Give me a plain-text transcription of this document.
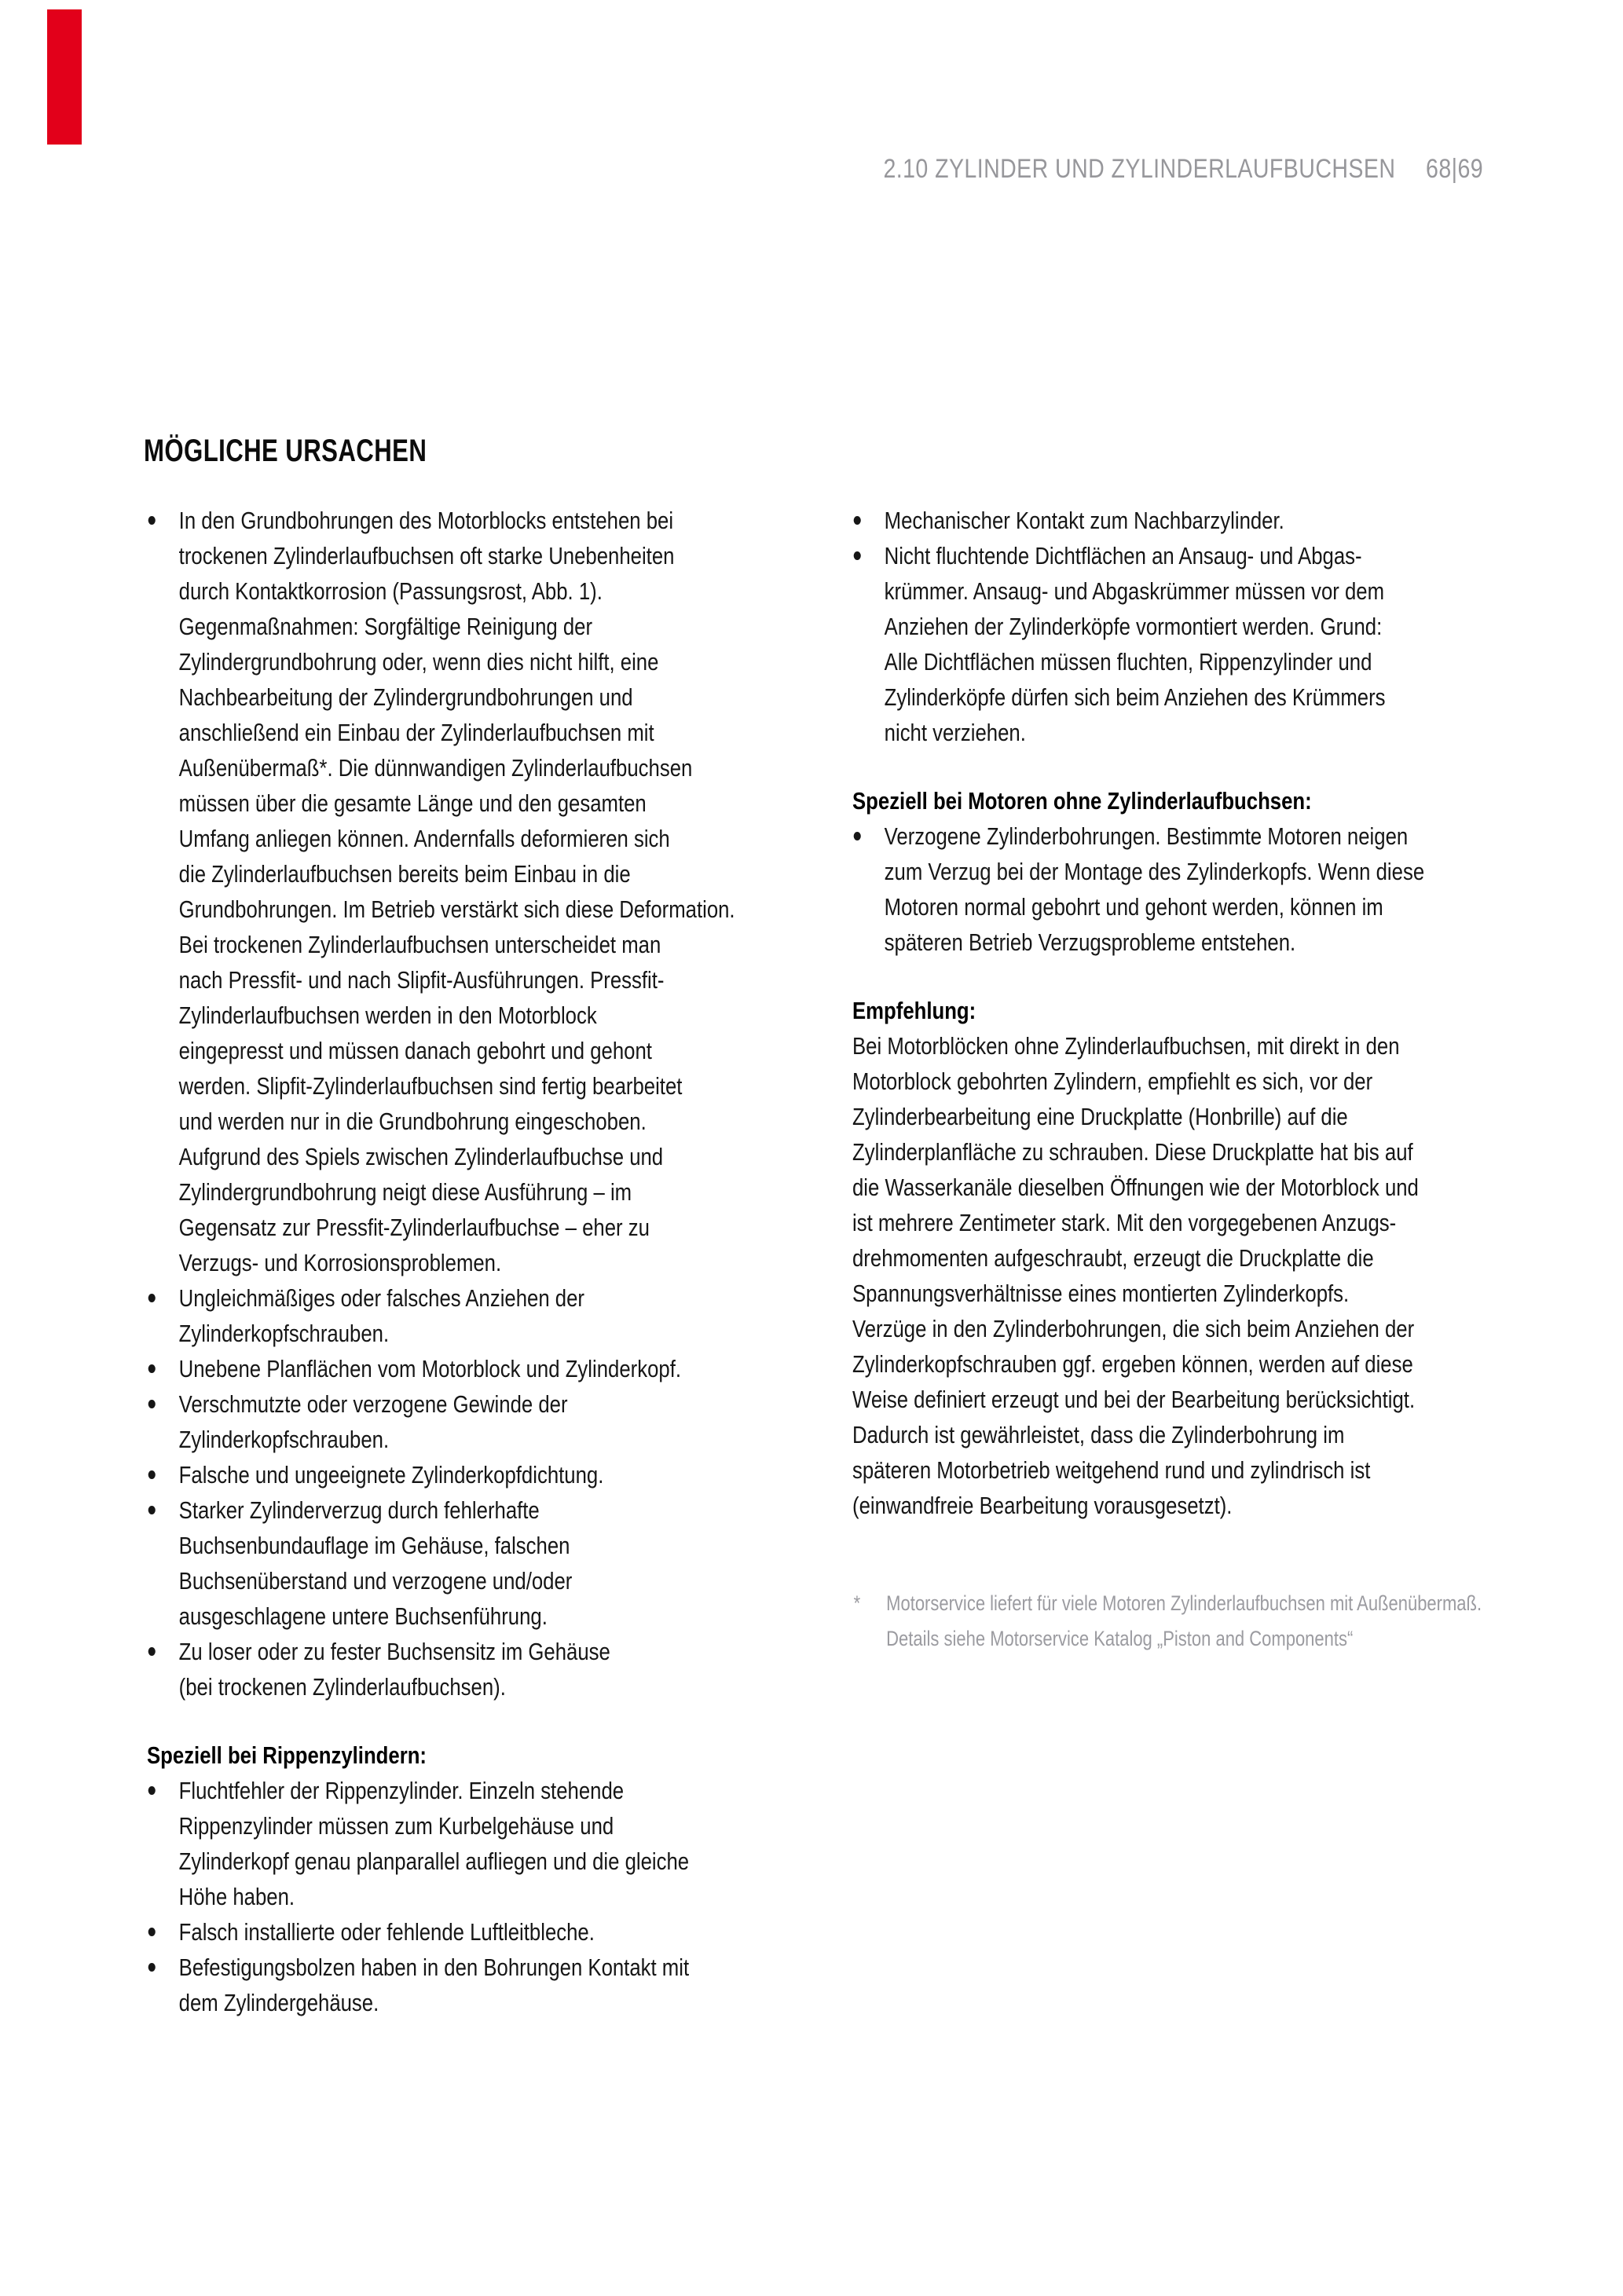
2.10 ZYLINDER UND ZYLINDERLAUFBUCHSEN 68|69
MÖGLICHE URSACHEN
In den Grundbohrungen des Motorblocks entstehen bei
trockenen Zylinderlaufbuchsen oft starke Unebenheiten
durch Kontaktkorrosion (Passungsrost, Abb. 1).
Gegenmaßnahmen: Sorgfältige Reinigung der
Zylindergrundbohrung oder, wenn dies nicht hilft, eine
Nachbearbeitung der Zylindergrundbohrungen und
anschließend ein Einbau der Zylinderlaufbuchsen mit
Außenübermaß*. Die dünnwandigen Zylinderlaufbuchsen
müssen über die gesamte Länge und den gesamten
Umfang anliegen können. Andernfalls deformieren sich
die Zylinderlaufbuchsen bereits beim Einbau in die
Grundbohrungen. Im Betrieb verstärkt sich diese Deformation.
Bei trockenen Zylinderlaufbuchsen unterscheidet man
nach Pressfit- und nach Slipfit-Ausführungen. Pressfit-
Zylinderlaufbuchsen werden in den Motorblock
eingepresst und müssen danach gebohrt und gehont
werden. Slipfit-Zylinderlaufbuchsen sind fertig bearbeitet
und werden nur in die Grundbohrung eingeschoben.
Aufgrund des Spiels zwischen Zylinderlaufbuchse und
Zylindergrundbohrung neigt diese Ausführung – im
Gegensatz zur Pressfit-Zylinderlaufbuchse – eher zu
Verzugs- und Korrosionsproblemen.
Ungleichmäßiges oder falsches Anziehen der
Zylinderkopfschrauben.
Unebene Planflächen vom Motorblock und Zylinderkopf.
Verschmutzte oder verzogene Gewinde der
Zylinderkopfschrauben.
Falsche und ungeeignete Zylinderkopfdichtung.
Starker Zylinderverzug durch fehlerhafte
Buchsenbundauflage im Gehäuse, falschen
Buchsenüberstand und verzogene und/oder
ausgeschlagene untere Buchsenführung.
Zu loser oder zu fester Buchsensitz im Gehäuse
(bei trockenen Zylinderlaufbuchsen).
Speziell bei Rippenzylindern:
Fluchtfehler der Rippenzylinder. Einzeln stehende
Rippenzylinder müssen zum Kurbelgehäuse und
Zylinderkopf genau planparallel aufliegen und die gleiche
Höhe haben.
Falsch installierte oder fehlende Luftleitbleche.
Befestigungsbolzen haben in den Bohrungen Kontakt mit
dem Zylindergehäuse.
Mechanischer Kontakt zum Nachbarzylinder.
Nicht fluchtende Dichtflächen an Ansaug- und Abgas-
krümmer. Ansaug- und Abgaskrümmer müssen vor dem
Anziehen der Zylinderköpfe vormontiert werden. Grund:
Alle Dichtflächen müssen fluchten, Rippenzylinder und
Zylinderköpfe dürfen sich beim Anziehen des Krümmers
nicht verziehen.
Speziell bei Motoren ohne Zylinderlaufbuchsen:
Verzogene Zylinderbohrungen. Bestimmte Motoren neigen
zum Verzug bei der Montage des Zylinderkopfs. Wenn diese
Motoren normal gebohrt und gehont werden, können im
späteren Betrieb Verzugsprobleme entstehen.
Empfehlung:
Bei Motorblöcken ohne Zylinderlaufbuchsen, mit direkt in den
Motorblock gebohrten Zylindern, empfiehlt es sich, vor der
Zylinderbearbeitung eine Druckplatte (Honbrille) auf die
Zylinderplanfläche zu schrauben. Diese Druckplatte hat bis auf
die Wasserkanäle dieselben Öffnungen wie der Motorblock und
ist mehrere Zentimeter stark. Mit den vorgegebenen Anzugs-
drehmomenten aufgeschraubt, erzeugt die Druckplatte die
Spannungsverhältnisse eines montierten Zylinderkopfs.
Verzüge in den Zylinderbohrungen, die sich beim Anziehen der
Zylinderkopfschrauben ggf. ergeben können, werden auf diese
Weise definiert erzeugt und bei der Bearbeitung berücksichtigt.
Dadurch ist gewährleistet, dass die Zylinderbohrung im
späteren Motorbetrieb weitgehend rund und zylindrisch ist
(einwandfreie Bearbeitung vorausgesetzt).
* Motorservice liefert für viele Motoren Zylinderlaufbuchsen mit Außenübermaß.
Details siehe Motorservice Katalog „Piston and Components“
